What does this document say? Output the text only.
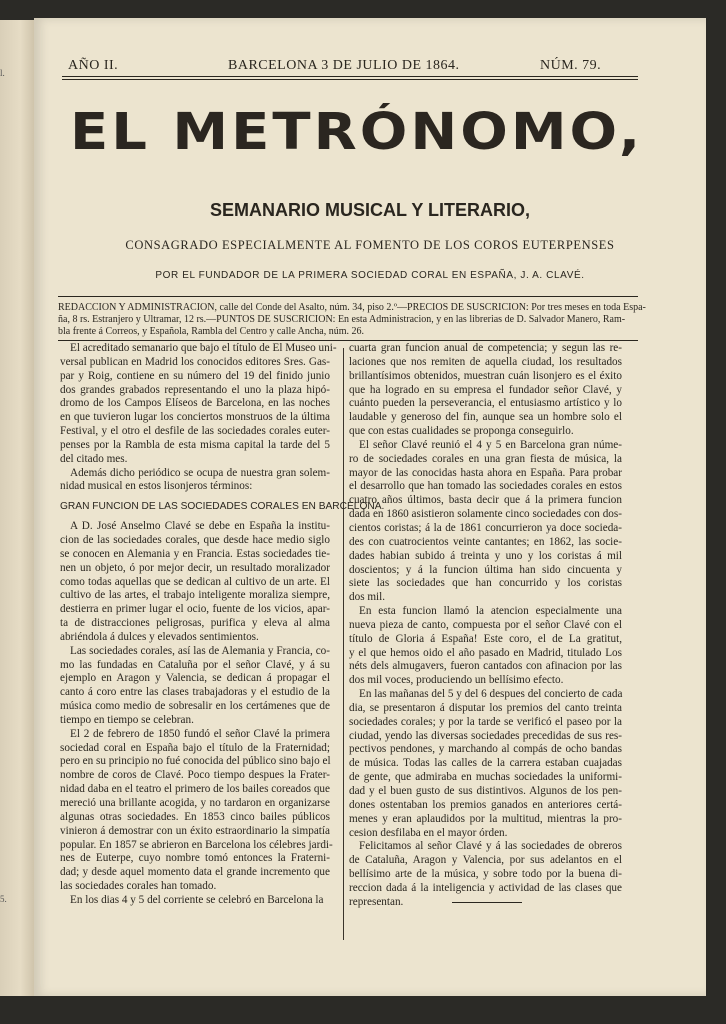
l.
5.
AÑO II.	BARCELONA 3 DE JULIO DE 1864.	NÚM. 79.
EL METRÓNOMO,
SEMANARIO MUSICAL Y LITERARIO,
CONSAGRADO ESPECIALMENTE AL FOMENTO DE LOS COROS EUTERPENSES
POR EL FUNDADOR DE LA PRIMERA SOCIEDAD CORAL EN ESPAÑA, J. A. CLAVÉ.
REDACCION Y ADMINISTRACION, calle del Conde del Asalto, núm. 34, piso 2.º—PRECIOS DE SUSCRICION: Por tres meses en toda Espa-
ña, 8 rs. Estranjero y Ultramar, 12 rs.—PUNTOS DE SUSCRICION: En esta Administracion, y en las librerias de D. Salvador Manero, Ram-
bla frente á Correos, y Española, Rambla del Centro y calle Ancha, núm. 26.
El acreditado semanario que bajo el título de El Museo uni-
versal publican en Madrid los conocidos editores Sres. Gas-
par y Roig, contiene en su número del 19 del finido junio
dos grandes grabados representando el uno la plaza hipó-
dromo de los Campos Elíseos de Barcelona, en las noches
en que tuvieron lugar los conciertos monstruos de la última
Festival, y el otro el desfile de las sociedades corales euter-
penses por la Rambla de esta misma capital la tarde del 5
del citado mes.
Además dicho periódico se ocupa de nuestra gran solem-
nidad musical en estos lisonjeros términos:
GRAN FUNCION DE LAS SOCIEDADES CORALES EN BARCELONA.
A D. José Anselmo Clavé se debe en España la institu-
cion de las sociedades corales, que desde hace medio siglo
se conocen en Alemania y en Francia. Estas sociedades tie-
nen un objeto, ó por mejor decir, un resultado moralizador
como todas aquellas que se dedican al cultivo de un arte. El
cultivo de las artes, el trabajo inteligente moraliza siempre,
destierra en primer lugar el ocio, fuente de los vicios, apar-
ta de distracciones peligrosas, purifica y eleva al alma
abriéndola á dulces y elevados sentimientos.
Las sociedades corales, así las de Alemania y Francia, co-
mo las fundadas en Cataluña por el señor Clavé, y á su
ejemplo en Aragon y Valencia, se dedican á propagar el
canto á coro entre las clases trabajadoras y el estudio de la
música como medio de sobresalir en los certámenes que de
tiempo en tiempo se celebran.
El 2 de febrero de 1850 fundó el señor Clavé la primera
sociedad coral en España bajo el título de la Fraternidad;
pero en su principio no fué conocida del público sino bajo el
nombre de coros de Clavé. Poco tiempo despues la Frater-
nidad daba en el teatro el primero de los bailes coreados que
mereció una brillante acogida, y no tardaron en organizarse
algunas otras sociedades. En 1853 cinco bailes públicos
vinieron á demostrar con un éxito estraordinario la simpatía
popular. En 1857 se abrieron en Barcelona los célebres jardi-
nes de Euterpe, cuyo nombre tomó entonces la Fraterni-
dad; y desde aquel momento data el grande incremento que
las sociedades corales han tomado.
En los dias 4 y 5 del corriente se celebró en Barcelona la
cuarta gran funcion anual de competencia; y segun las re-
laciones que nos remiten de aquella ciudad, los resultados
brillantísimos obtenidos, muestran cuán lisonjero es el éxito
que ha logrado en su empresa el fundador señor Clavé, y
cuánto pueden la perseverancia, el entusiasmo artístico y lo
laudable y generoso del fin, aunque sea un hombre solo el
que con estas cualidades se proponga conseguirlo.
El señor Clavé reunió el 4 y 5 en Barcelona gran núme-
ro de sociedades corales en una gran fiesta de música, la
mayor de las conocidas hasta ahora en España. Para probar
el desarrollo que han tomado las sociedades corales en estos
cuatro años últimos, basta decir que á la primera funcion
dada en 1860 asistieron solamente cinco sociedades con dos-
cientos coristas; á la de 1861 concurrieron ya doce socieda-
des con cuatrocientos veinte cantantes; en 1862, las socie-
dades habian subido á treinta y uno y los coristas á mil
doscientos; y á la funcion última han sido cincuenta y
siete las sociedades que han concurrido y los coristas
dos mil.
En esta funcion llamó la atencion especialmente una
nueva pieza de canto, compuesta por el señor Clavé con el
título de Gloria á España! Este coro, el de La gratitut,
y el que hemos oido el año pasado en Madrid, titulado Los
néts dels almugavers, fueron cantados con afinacion por las
dos mil voces, produciendo un bellísimo efecto.
En las mañanas del 5 y del 6 despues del concierto de cada
dia, se presentaron á disputar los premios del canto treinta
sociedades corales; y por la tarde se verificó el paseo por la
ciudad, yendo las diversas sociedades precedidas de sus res-
pectivos pendones, y marchando al compás de ocho bandas
de música. Todas las calles de la carrera estaban cuajadas
de gente, que admiraba en muchas sociedades la uniformi-
dad y el buen gusto de sus distintivos. Algunos de los pen-
dones ostentaban los premios ganados en anteriores certá-
menes y eran aplaudidos por la multitud, mientras la pro-
cesion desfilaba en el mayor órden.
Felicitamos al señor Clavé y á las sociedades de obreros
de Cataluña, Aragon y Valencia, por sus adelantos en el
bellísimo arte de la música, y sobre todo por la buena di-
reccion dada á la inteligencia y actividad de las clases que
representan.
